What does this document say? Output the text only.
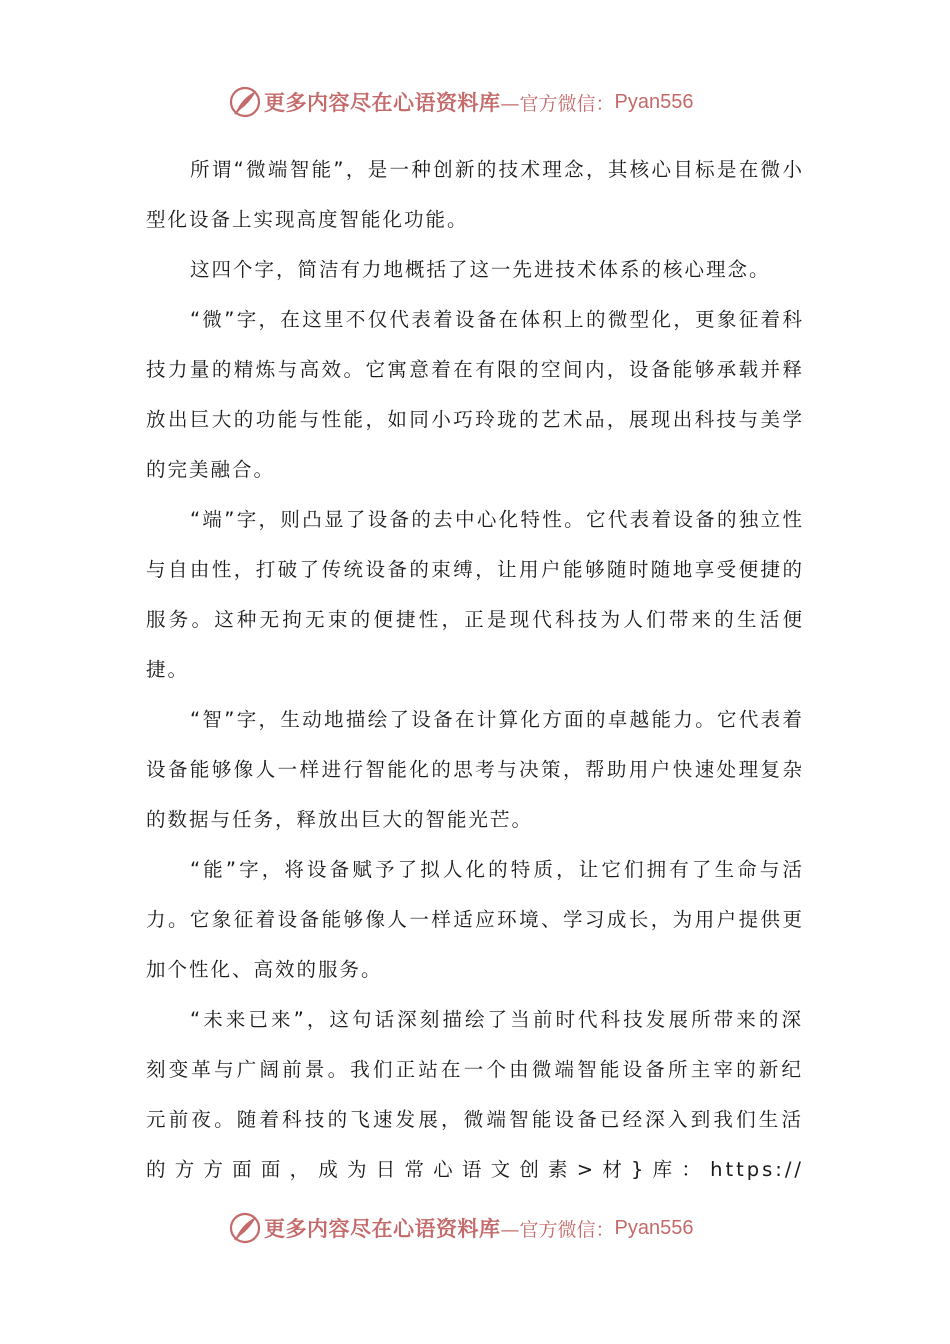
更多内容尽在心语资料库 —官方微信： Pyan556

所谓“微端智能”，是一种创新的技术理念，其核心目标是在微小型化设备上实现高度智能化功能。

这四个字，简洁有力地概括了这一先进技术体系的核心理念。

“微”字，在这里不仅代表着设备在体积上的微型化，更象征着科技力量的精炼与高效。它寓意着在有限的空间内，设备能够承载并释放出巨大的功能与性能，如同小巧玲珑的艺术品，展现出科技与美学的完美融合。

“端”字，则凸显了设备的去中心化特性。它代表着设备的独立性与自由性，打破了传统设备的束缚，让用户能够随时随地享受便捷的服务。这种无拘无束的便捷性，正是现代科技为人们带来的生活便捷。

“智”字，生动地描绘了设备在计算化方面的卓越能力。它代表着设备能够像人一样进行智能化的思考与决策，帮助用户快速处理复杂的数据与任务，释放出巨大的智能光芒。

“能”字，将设备赋予了拟人化的特质，让它们拥有了生命与活力。它象征着设备能够像人一样适应环境、学习成长，为用户提供更加个性化、高效的服务。

“未来已来”，这句话深刻描绘了当前时代科技发展所带来的深刻变革与广阔前景。我们正站在一个由微端智能设备所主宰的新纪元前夜。随着科技的飞速发展，微端智能设备已经深入到我们生活的方方面面，成为日常心语文创素>材}库：https://

更多内容尽在心语资料库 —官方微信： Pyan556
